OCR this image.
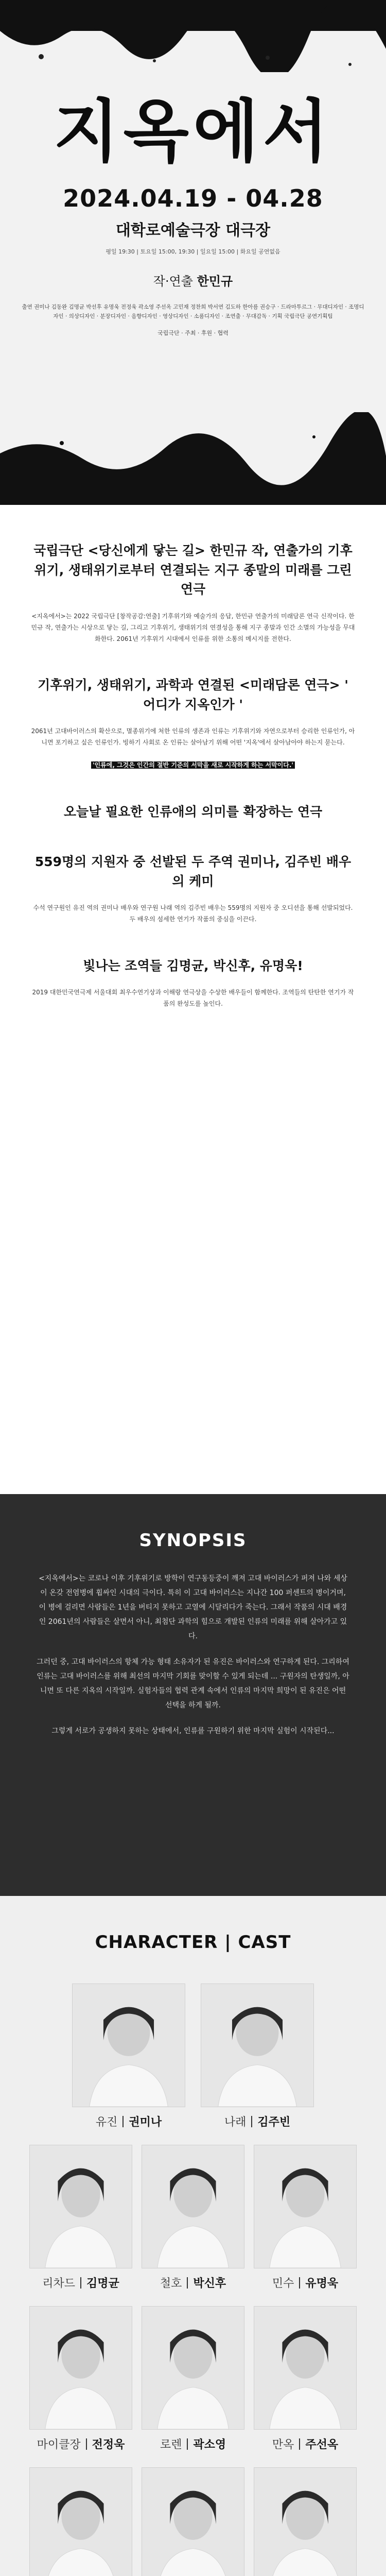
지옥에서
2024.04.19 - 04.28
대학로예술극장 대극장
평일 19:30 | 토요일 15:00, 19:30 | 일요일 15:00 | 화요일 공연없음
작·연출 한민규
출연 권미나 김동완 김명균 박선후 유명욱 전정욱 곽소영 주선옥 고민재 정찬희 박서연 김도하 한아름 권승구 · 드라마투르그 · 무대디자인 · 조명디자인 · 의상디자인 · 분장디자인 · 음향디자인 · 영상디자인 · 소품디자인 · 조연출 · 무대감독 · 기획 국립극단 공연기획팀
국립극단 · 주최 · 후원 · 협력
국립극단 <당신에게 닿는 길> 한민규 작, 연출가의 기후위기, 생태위기로부터 연결되는 지구 종말의 미래를 그린 연극
<지옥에서>는 2022 국립극단 [창작공감:연출] 기후위기와 예술가의 응답, 한민규 연출가의 미래담론 연극 신작이다. 한민규 작, 연출가는 시상으로 닿는 길, 그리고 기후위기, 생태위기의 연결성을 통해 지구 종말과 인간 소멸의 가능성을 무대화한다. 2061년 기후위기 시대에서 인류를 위한 소통의 메시지를 전한다.
기후위기, 생태위기, 과학과 연결된 <미래담론 연극> ' 어디가 지옥인가 '
2061년 고대바이러스의 확산으로, 멸종위기에 처한 인류의 생존과 인류는 기후위기와 자연으로부터 승리한 인류인가, 아니면 포기하고 싶은 인류인가. 빙하기 사회로 온 인류는 살아남기 위해 어떤 '지옥'에서 살아남아야 하는지 묻는다.
'인류에, 그것은 인간의 절반 기준의 서막을 새로 시작하게 하는 서막이다.'
오늘날 필요한 인류애의 의미를 확장하는 연극
559명의 지원자 중 선발된 두 주역 권미나, 김주빈 배우의 케미
수석 연구원인 유진 역의 권미나 배우와 연구원 나래 역의 김주빈 배우는 559명의 지원자 중 오디션을 통해 선발되었다. 두 배우의 섬세한 연기가 작품의 중심을 이끈다.
빛나는 조역들 김명균, 박신후, 유명욱!
2019 대한민국연극제 서울대회 최우수연기상과 이해랑 연극상을 수상한 배우들이 함께한다. 조역들의 탄탄한 연기가 작품의 완성도를 높인다.
SYNOPSIS

<지옥에서>는 코로나 이후 기후위기로 방학이 연구동등중이 깨져 고대 바이러스가 퍼져 나와 세상이 온갖 전염병에 휩싸인 시대의 극이다. 특히 이 고대 바이러스는 지나간 100 퍼센트의 병이거며, 이 병에 걸리면 사람들은 1년을 버티지 못하고 고열에 시달리다가 죽는다. 그래서 작품의 시대 배경인 2061년의 사람들은 살면서 아니, 최첨단 과학의 힘으로 개발된 인류의 미래를 위해 살아가고 있다.

그러던 중, 고대 바이러스의 항체 가능 형태 소유자가 된 유진은 바이러스와 연구하게 된다. 그리하여 인류는 고대 바이러스를 위해 최선의 마지막 기회를 맞이할 수 있게 되는데 ... 구원자의 탄생일까, 아니면 또 다른 지옥의 시작일까. 실험자들의 협력 관계 속에서 인류의 마지막 희망이 된 유진은 어떤 선택을 하게 될까.

그렇게 서로가 공생하지 못하는 상태에서, 인류를 구원하기 위한 마지막 실험이 시작된다...

CHARACTER | CAST
유진 권미나	나래 김주빈
리차드 김명균	철호 박신후	민수 유명욱
마이클장 전정욱	로렌 곽소영	만옥 주선옥
